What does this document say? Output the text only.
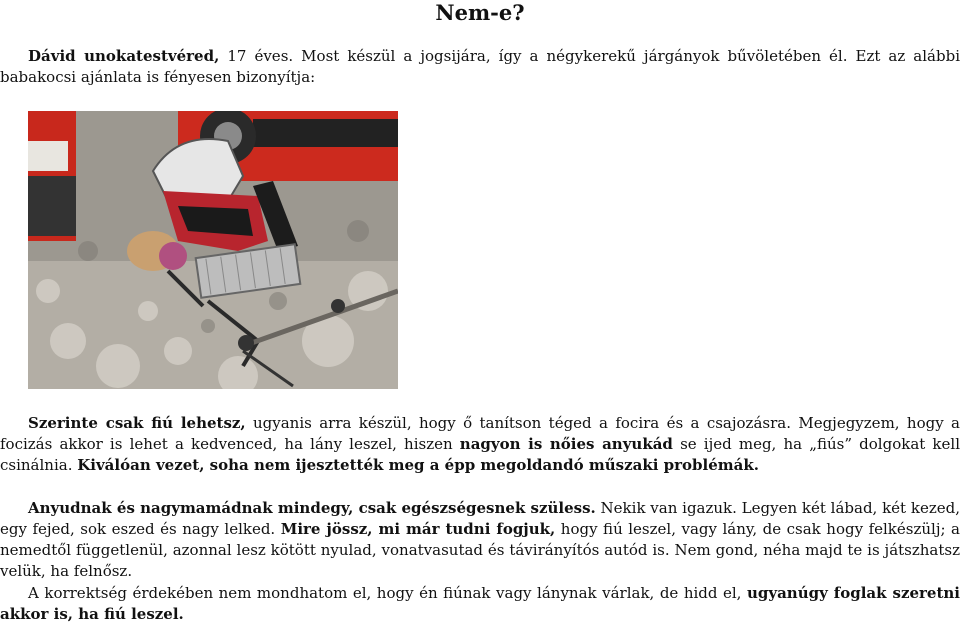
Nem-e?

Dávid unokatestvéred, 17 éves. Most készül a jogsijára, így a négykerekű járgányok bűvöletében él. Ezt az alábbi babakocsi ajánlata is fényesen bizonyítja:

Szerinte csak fiú lehetsz, ugyanis arra készül, hogy ő tanítson téged a focira és a csajozásra. Megjegyzem, hogy a focizás akkor is lehet a kedvenced, ha lány leszel, hiszen nagyon is nőies anyukád se ijed meg, ha „fiús” dolgokat kell csinálnia. Kiválóan vezet, soha nem ijesztették meg a épp megoldandó műszaki problémák.

Anyudnak és nagymamádnak mindegy, csak egészségesnek szüless. Nekik van igazuk. Legyen két lábad, két kezed, egy fejed, sok eszed és nagy lelked. Mire jössz, mi már tudni fogjuk, hogy fiú leszel, vagy lány, de csak hogy felkészülj; a nemedtől függetlenül, azonnal lesz kötött nyulad, vonatvasutad és távirányítós autód is. Nem gond, néha majd te is játszhatsz velük, ha felnősz.

A korrektség érdekében nem mondhatom el, hogy én fiúnak vagy lánynak várlak, de hidd el, ugyanúgy foglak szeretni akkor is, ha fiú leszel.
